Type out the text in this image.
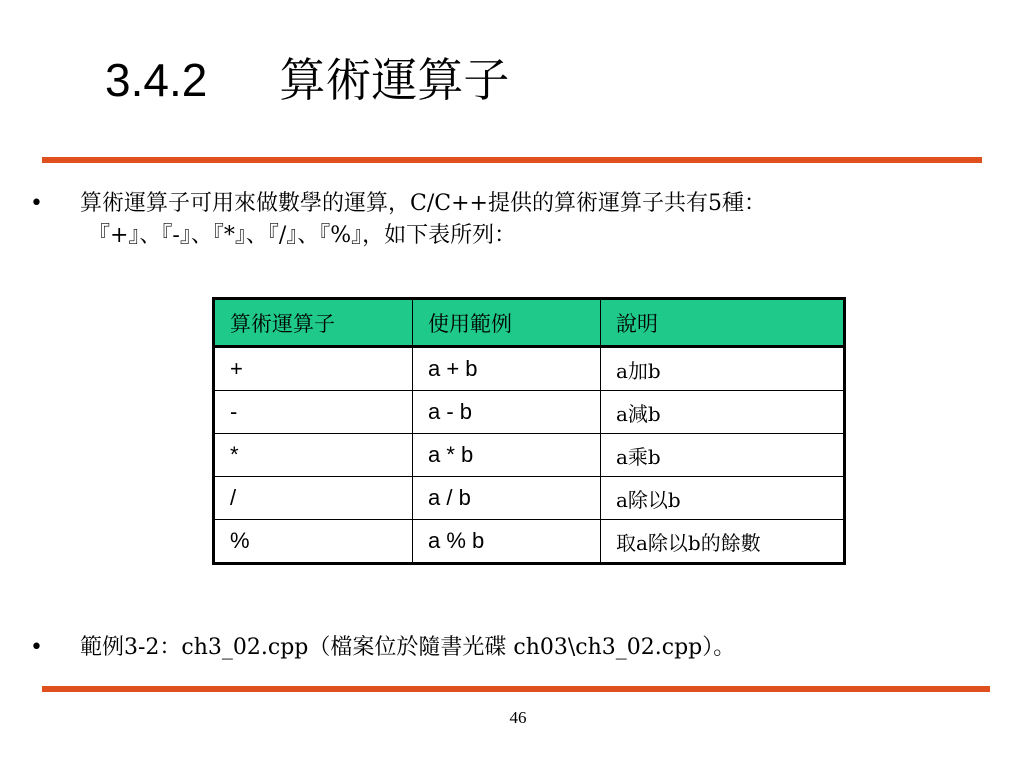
3.4.2 算術運算子
•	算術運算子可用來做數學的運算，C/C++提供的算術運算子共有5種：
『+』、『-』、『*』、『/』、『%』，如下表所列：
算術運算子	使用範例	說明
+	a + b	a加b
-	a - b	a減b
*	a * b	a乘b
/	a / b	a除以b
%	a % b	取a除以b的餘數
•	範例3-2：ch3_02.cpp（檔案位於隨書光碟 ch03\ch3_02.cpp）。
46
